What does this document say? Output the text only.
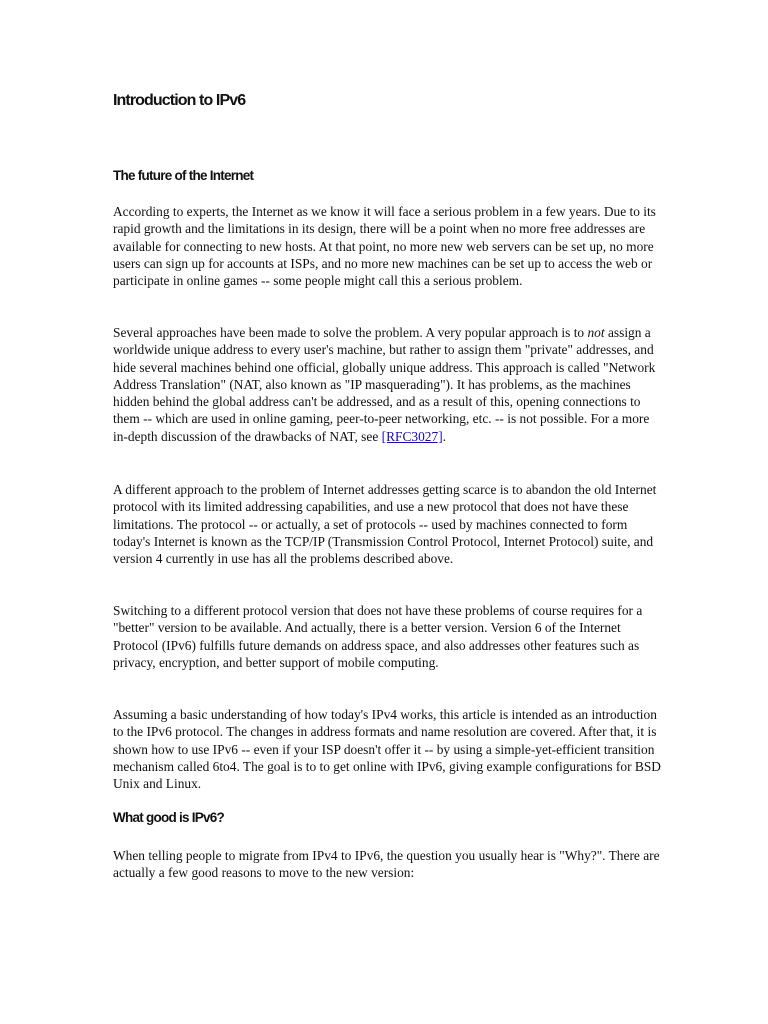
Introduction to IPv6
The future of the Internet

According to experts, the Internet as we know it will face a serious problem in a few years. Due to its rapid growth and the limitations in its design, there will be a point when no more free addresses are available for connecting to new hosts. At that point, no more new web servers can be set up, no more users can sign up for accounts at ISPs, and no more new machines can be set up to access the web or participate in online games -- some people might call this a serious problem.

Several approaches have been made to solve the problem. A very popular approach is to not assign a worldwide unique address to every user's machine, but rather to assign them "private" addresses, and hide several machines behind one official, globally unique address. This approach is called "Network Address Translation" (NAT, also known as "IP masquerading"). It has problems, as the machines hidden behind the global address can't be addressed, and as a result of this, opening connections to them -- which are used in online gaming, peer-to-peer networking, etc. -- is not possible. For a more in-depth discussion of the drawbacks of NAT, see [RFC3027].

A different approach to the problem of Internet addresses getting scarce is to abandon the old Internet protocol with its limited addressing capabilities, and use a new protocol that does not have these limitations. The protocol -- or actually, a set of protocols -- used by machines connected to form today's Internet is known as the TCP/IP (Transmission Control Protocol, Internet Protocol) suite, and version 4 currently in use has all the problems described above.

Switching to a different protocol version that does not have these problems of course requires for a "better" version to be available. And actually, there is a better version. Version 6 of the Internet Protocol (IPv6) fulfills future demands on address space, and also addresses other features such as privacy, encryption, and better support of mobile computing.

Assuming a basic understanding of how today's IPv4 works, this article is intended as an introduction to the IPv6 protocol. The changes in address formats and name resolution are covered. After that, it is shown how to use IPv6 -- even if your ISP doesn't offer it -- by using a simple-yet-efficient transition mechanism called 6to4. The goal is to to get online with IPv6, giving example configurations for BSD Unix and Linux.

What good is IPv6?

When telling people to migrate from IPv4 to IPv6, the question you usually hear is "Why?". There are actually a few good reasons to move to the new version:
